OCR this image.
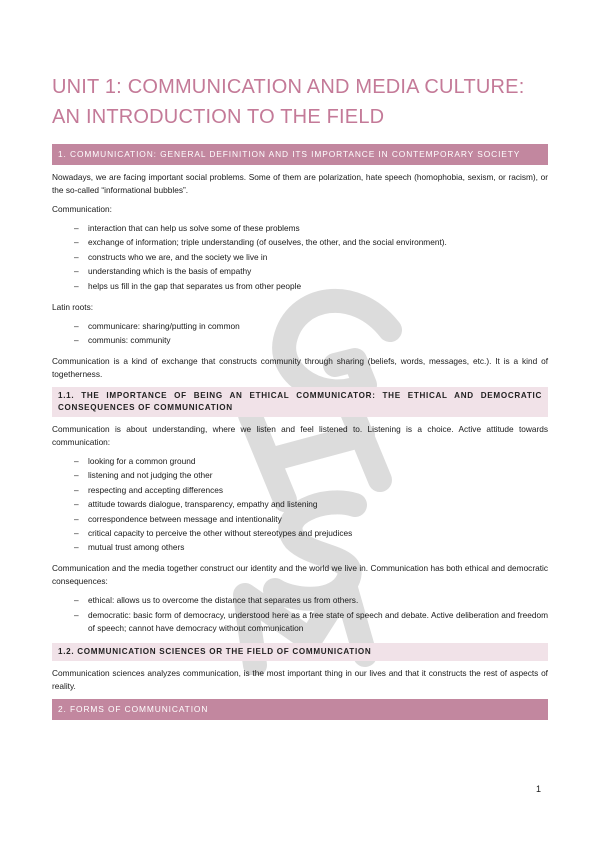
UNIT 1: COMMUNICATION AND MEDIA CULTURE: AN INTRODUCTION TO THE FIELD
1. COMMUNICATION: GENERAL DEFINITION AND ITS IMPORTANCE IN CONTEMPORARY SOCIETY

Nowadays, we are facing important social problems. Some of them are polarization, hate speech (homophobia, sexism, or racism), or the so-called “informational bubbles”.

Communication:

– interaction that can help us solve some of these problems
– exchange of information; triple understanding (of ouselves, the other, and the social environment).
– constructs who we are, and the society we live in
– understanding which is the basis of empathy
– helps us fill in the gap that separates us from other people

Latin roots:

– communicare: sharing/putting in common
– communis: community

Communication is a kind of exchange that constructs community through sharing (beliefs, words, messages, etc.). It is a kind of togetherness.

1.1. THE IMPORTANCE OF BEING AN ETHICAL COMMUNICATOR: THE ETHICAL AND DEMOCRATIC CONSEQUENCES OF COMMUNICATION

Communication is about understanding, where we listen and feel listened to. Listening is a choice. Active attitude towards communication:

– looking for a common ground
– listening and not judging the other
– respecting and accepting differences
– attitude towards dialogue, transparency, empathy and listening
– correspondence between message and intentionality
– critical capacity to perceive the other without stereotypes and prejudices
– mutual trust among others

Communication and the media together construct our identity and the world we live in. Communication has both ethical and democratic consequences:

– ethical: allows us to overcome the distance that separates us from others.
– democratic: basic form of democracy, understood here as a free state of speech and debate. Active deliberation and freedom of speech; cannot have democracy without communication
1.2. COMMUNICATION SCIENCES OR THE FIELD OF COMMUNICATION

Communication sciences analyzes communication, is the most important thing in our lives and that it constructs the rest of aspects of reality.

2. FORMS OF COMMUNICATION
1
